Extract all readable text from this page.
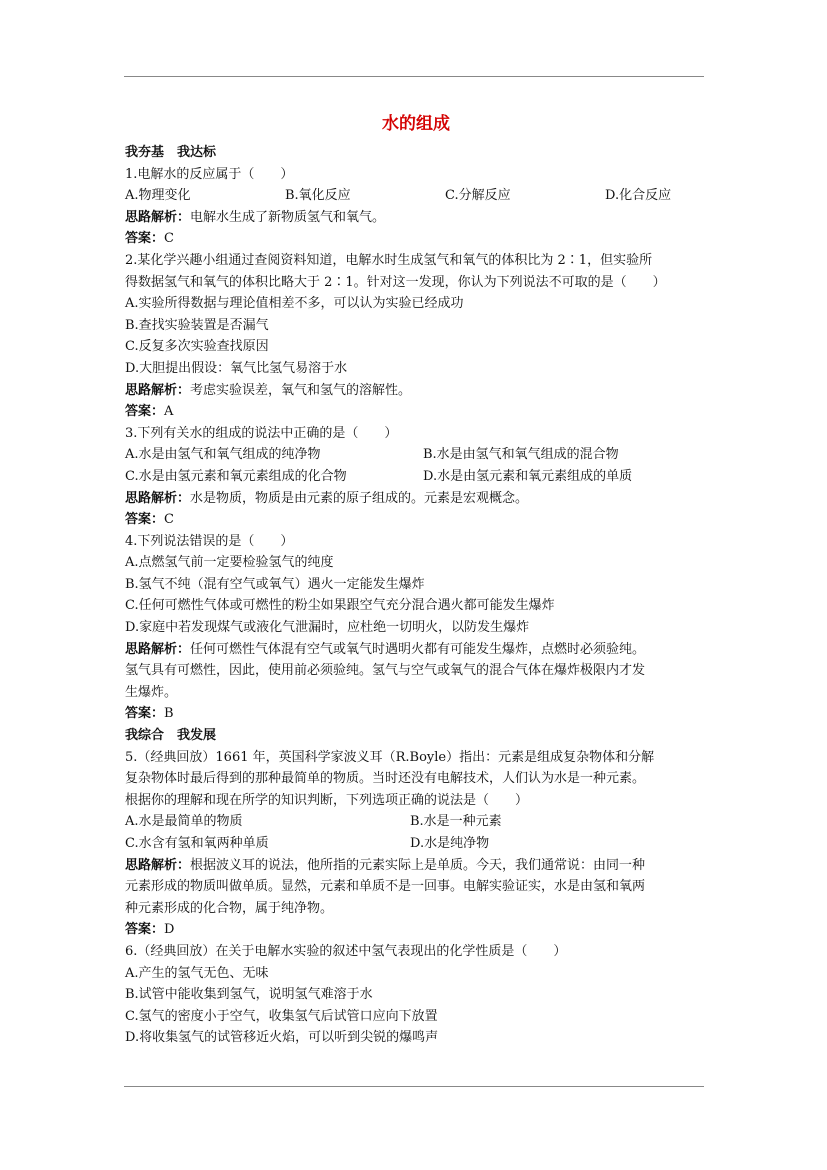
水的组成
我夯基　我达标
1.电解水的反应属于（　　）
A.物理变化	B.氧化反应	C.分解反应	D.化合反应
思路解析：电解水生成了新物质氢气和氧气。
答案：C
2.某化学兴趣小组通过查阅资料知道，电解水时生成氢气和氧气的体积比为 2∶1，但实验所
得数据氢气和氧气的体积比略大于 2∶1。针对这一发现，你认为下列说法不可取的是（　　）
A.实验所得数据与理论值相差不多，可以认为实验已经成功
B.查找实验装置是否漏气
C.反复多次实验查找原因
D.大胆提出假设：氧气比氢气易溶于水
思路解析：考虑实验误差，氧气和氢气的溶解性。
答案：A
3.下列有关水的组成的说法中正确的是（　　）
A.水是由氢气和氧气组成的纯净物	B.水是由氢气和氧气组成的混合物
C.水是由氢元素和氧元素组成的化合物	D.水是由氢元素和氧元素组成的单质
思路解析：水是物质，物质是由元素的原子组成的。元素是宏观概念。
答案：C
4.下列说法错误的是（　　）
A.点燃氢气前一定要检验氢气的纯度
B.氢气不纯（混有空气或氧气）遇火一定能发生爆炸
C.任何可燃性气体或可燃性的粉尘如果跟空气充分混合遇火都可能发生爆炸
D.家庭中若发现煤气或液化气泄漏时，应杜绝一切明火，以防发生爆炸
思路解析：任何可燃性气体混有空气或氧气时遇明火都有可能发生爆炸，点燃时必须验纯。
氢气具有可燃性，因此，使用前必须验纯。氢气与空气或氧气的混合气体在爆炸极限内才发
生爆炸。
答案：B
我综合　我发展
5.（经典回放）1661 年，英国科学家波义耳（R.Boyle）指出：元素是组成复杂物体和分解
复杂物体时最后得到的那种最简单的物质。当时还没有电解技术，人们认为水是一种元素。
根据你的理解和现在所学的知识判断，下列选项正确的说法是（　　）
A.水是最简单的物质	B.水是一种元素
C.水含有氢和氧两种单质	D.水是纯净物
思路解析：根据波义耳的说法，他所指的元素实际上是单质。今天，我们通常说：由同一种
元素形成的物质叫做单质。显然，元素和单质不是一回事。电解实验证实，水是由氢和氧两
种元素形成的化合物，属于纯净物。
答案：D
6.（经典回放）在关于电解水实验的叙述中氢气表现出的化学性质是（　　）
A.产生的氢气无色、无味
B.试管中能收集到氢气，说明氢气难溶于水
C.氢气的密度小于空气，收集氢气后试管口应向下放置
D.将收集氢气的试管移近火焰，可以听到尖锐的爆鸣声
